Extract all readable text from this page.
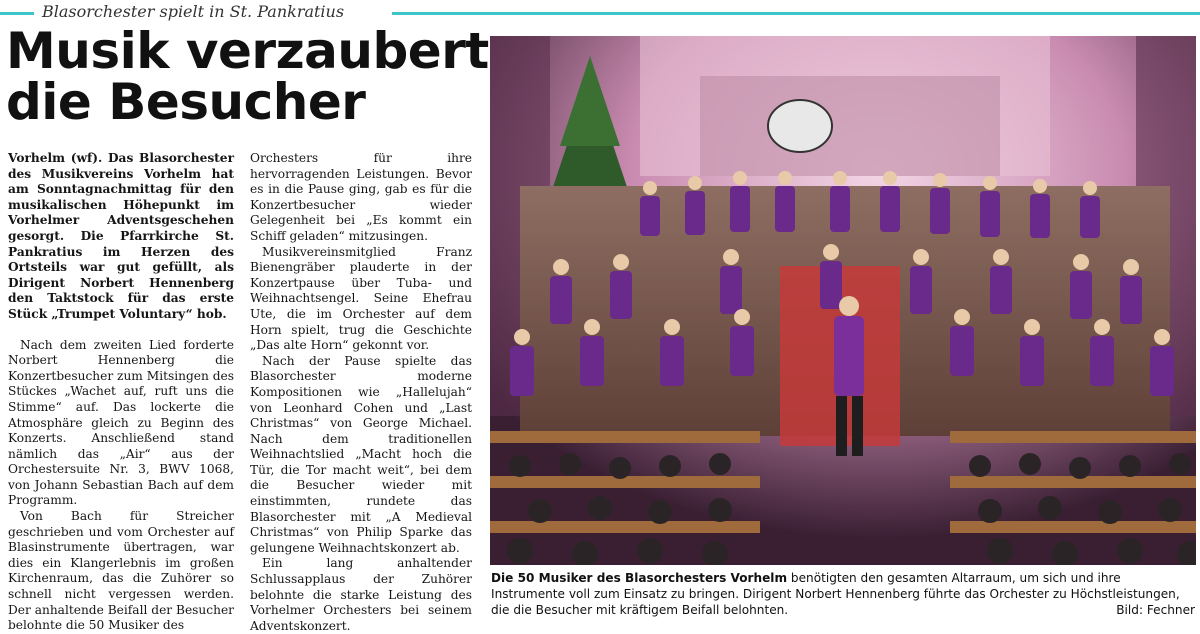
Blasorchester spielt in St. Pankratius
Musik verzaubert
die Besucher

Vorhelm (wf). Das Blasorchester des Musikvereins Vorhelm hat am Sonntagnachmittag für den musikalischen Höhepunkt im Vorhelmer Adventsgeschehen gesorgt. Die Pfarrkirche St. Pankratius im Herzen des Ortsteils war gut gefüllt, als Dirigent Norbert Hennenberg den Taktstock für das erste Stück „Trumpet Voluntary“ hob.

Nach dem zweiten Lied forderte Norbert Hennenberg die Konzertbesucher zum Mitsingen des Stückes „Wachet auf, ruft uns die Stimme“ auf. Das lockerte die Atmosphäre gleich zu Beginn des Konzerts. Anschließend stand nämlich das „Air“ aus der Orchestersuite Nr. 3, BWV 1068, von Johann Sebastian Bach auf dem Programm.

Von Bach für Streicher geschrieben und vom Orchester auf Blasinstrumente übertragen, war dies ein Klangerlebnis im großen Kirchenraum, das die Zuhörer so schnell nicht vergessen werden. Der anhaltende Beifall der Besucher belohnte die 50 Musiker des

Orchesters für ihre hervorragenden Leistungen. Bevor es in die Pause ging, gab es für die Konzertbesucher wieder Gelegenheit bei „Es kommt ein Schiff geladen“ mitzusingen.

Musikvereinsmitglied Franz Bienengräber plauderte in der Konzertpause über Tuba- und Weihnachtsengel. Seine Ehefrau Ute, die im Orchester auf dem Horn spielt, trug die Geschichte „Das alte Horn“ gekonnt vor.

Nach der Pause spielte das Blasorchester moderne Kompositionen wie „Hallelujah“ von Leonhard Cohen und „Last Christmas“ von George Michael. Nach dem traditionellen Weihnachtslied „Macht hoch die Tür, die Tor macht weit“, bei dem die Besucher wieder mit einstimmten, rundete das Blasorchester mit „A Medieval Christmas“ von Philip Sparke das gelungene Weihnachtskonzert ab.

Ein lang anhaltender Schlussapplaus der Zuhörer belohnte die starke Leistung des Vorhelmer Orchesters bei seinem Adventskonzert.

Die 50 Musiker des Blasorchesters Vorhelm benötigten den gesamten Altarraum, um sich und ihre Instrumente voll zum Einsatz zu bringen. Dirigent Norbert Hennenberg führte das Orchester zu Höchstleistungen, die die Besucher mit kräftigem Beifall belohnten.	Bild: Fechner
